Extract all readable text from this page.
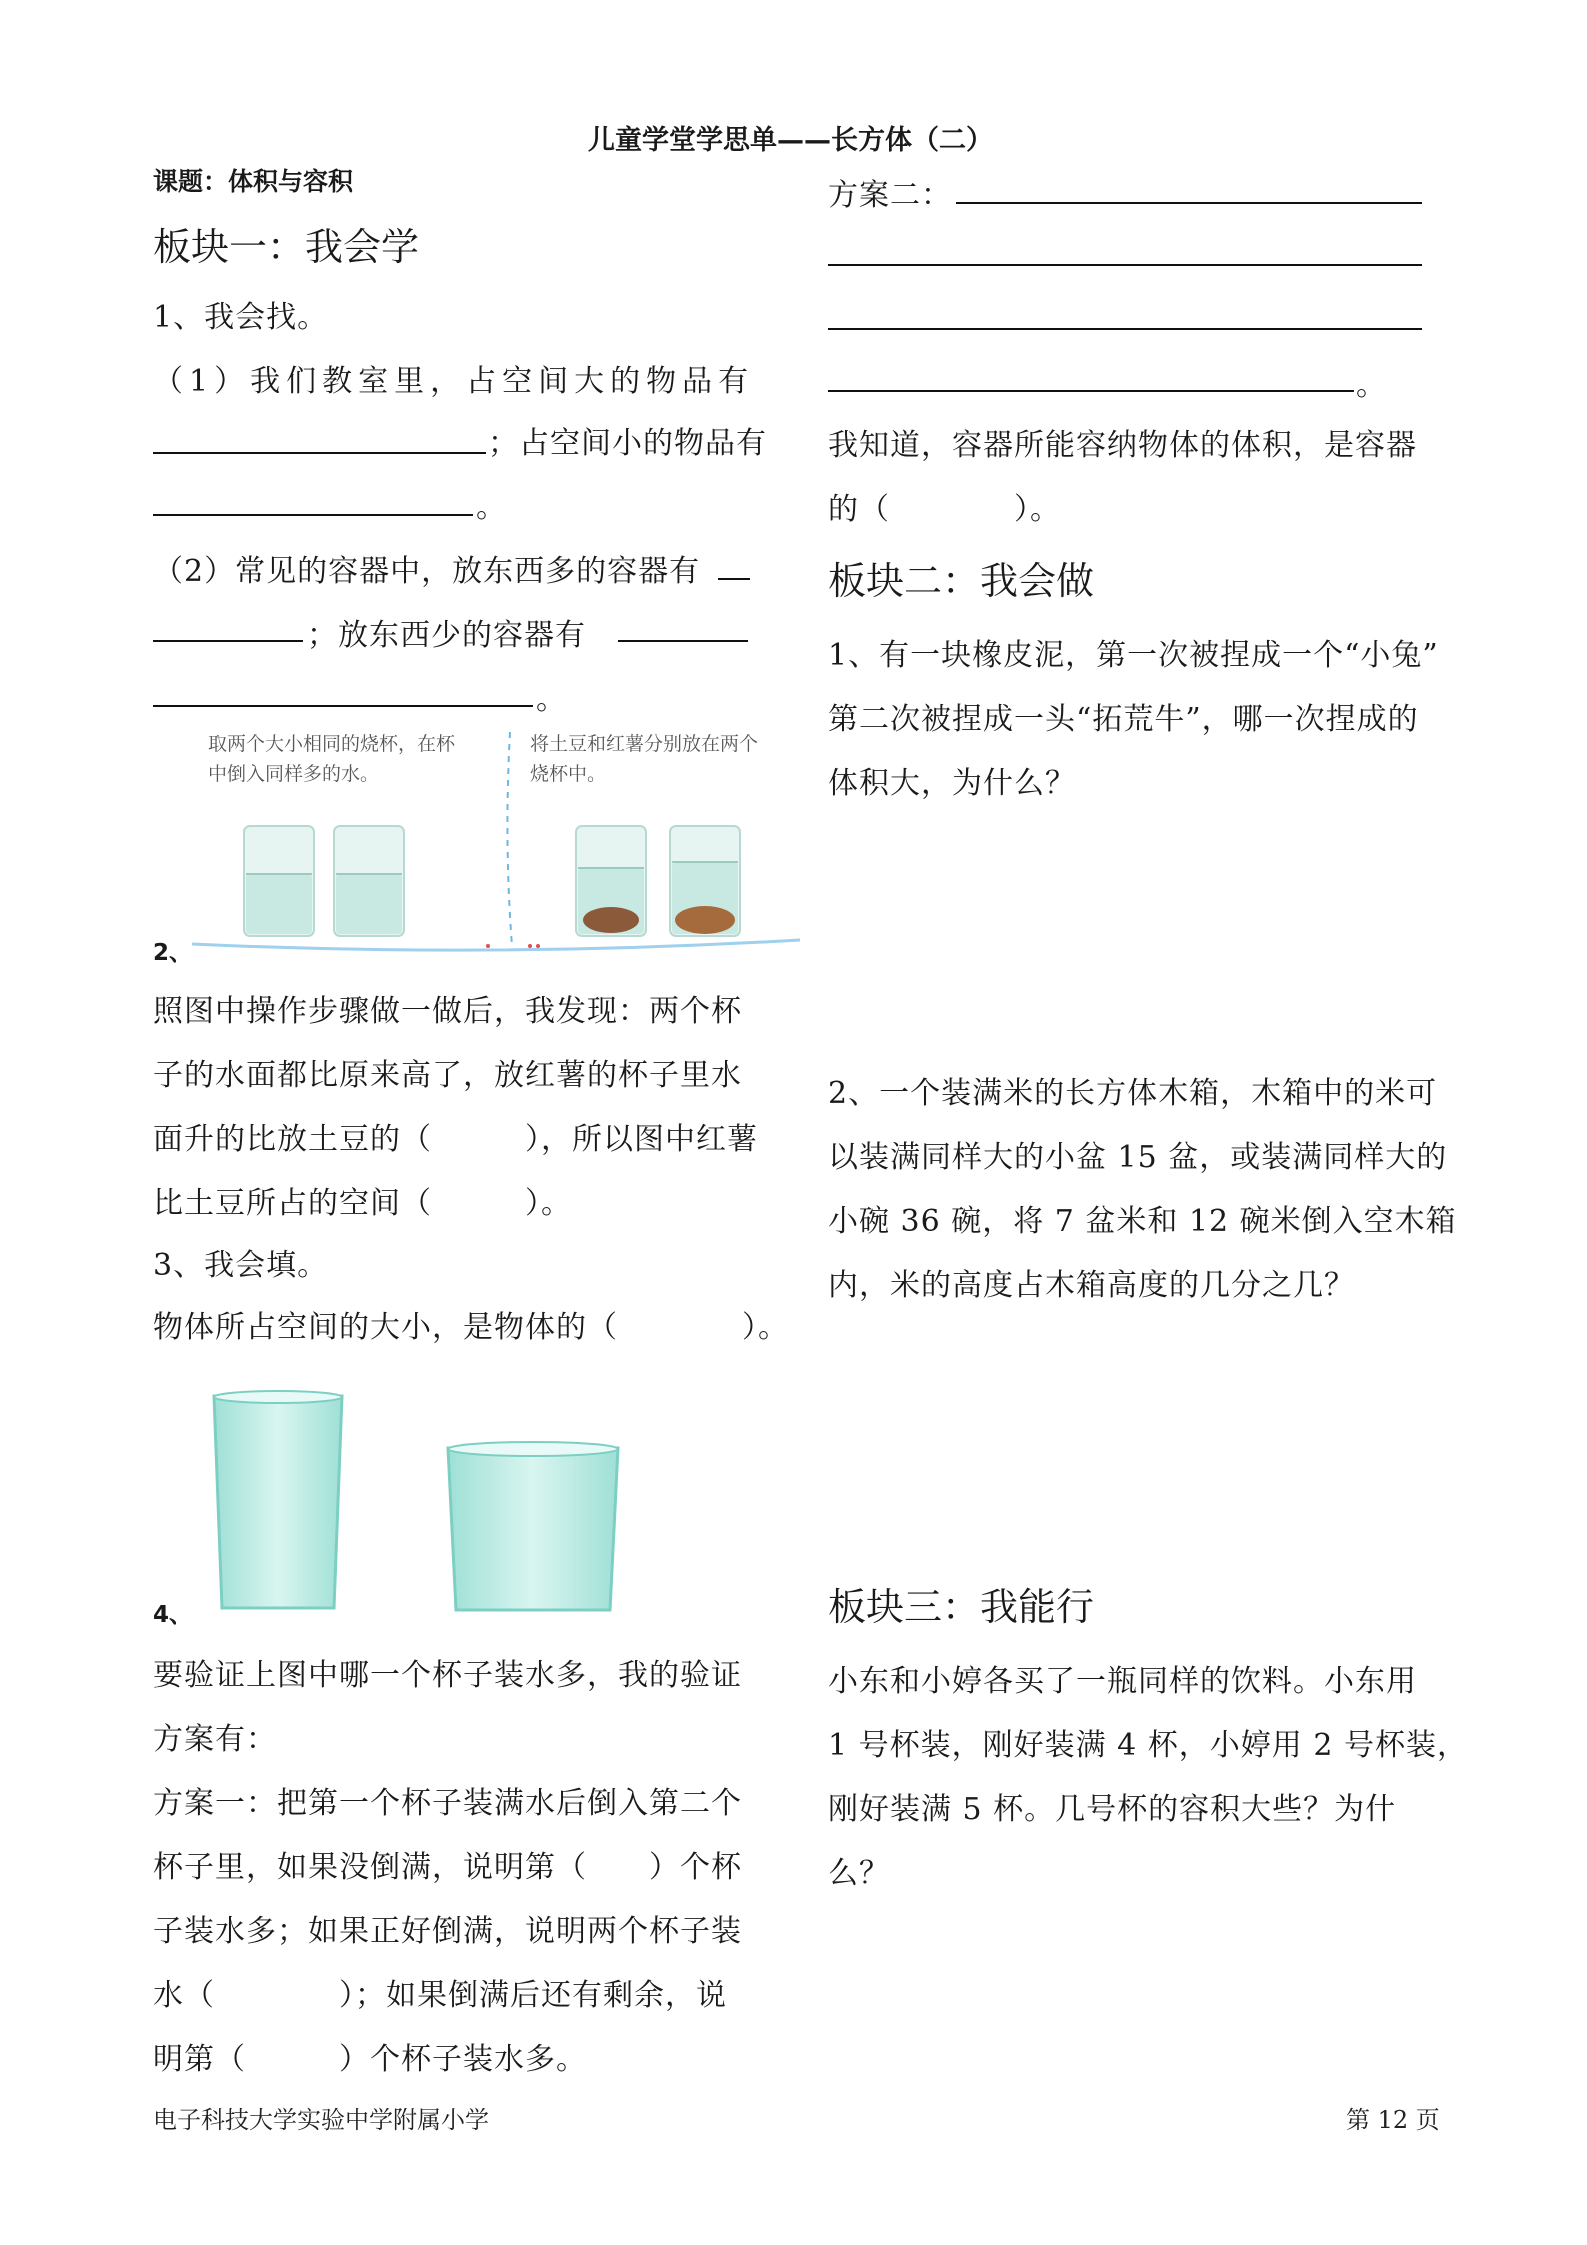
儿童学堂学思单——长方体（二）
课题：体积与容积
板块一：我会学
1、我会找。
（1）我们教室里，占空间大的物品有
；占空间小的物品有
。
（2）常见的容器中，放东西多的容器有
；放东西少的容器有
。
取两个大小相同的烧杯，在杯
中倒入同样多的水。
将土豆和红薯分别放在两个
烧杯中。
2、
照图中操作步骤做一做后，我发现：两个杯
子的水面都比原来高了，放红薯的杯子里水
面升的比放土豆的（　　　），所以图中红薯
比土豆所占的空间（　　　）。
3、我会填。
物体所占空间的大小，是物体的（　　　　）。
4、
要验证上图中哪一个杯子装水多，我的验证
方案有：
方案一：把第一个杯子装满水后倒入第二个
杯子里，如果没倒满，说明第（　　）个杯
子装水多；如果正好倒满，说明两个杯子装
水（　　　　）；如果倒满后还有剩余，说
明第（　　　）个杯子装水多。
方案二：
。
我知道，容器所能容纳物体的体积，是容器
的（　　　　）。
板块二：我会做
1、有一块橡皮泥，第一次被捏成一个“小兔”
第二次被捏成一头“拓荒牛”，哪一次捏成的
体积大，为什么？
2、一个装满米的长方体木箱，木箱中的米可
以装满同样大的小盆 15 盆，或装满同样大的
小碗 36 碗，将 7 盆米和 12 碗米倒入空木箱
内，米的高度占木箱高度的几分之几？
板块三：我能行
小东和小婷各买了一瓶同样的饮料。小东用
1 号杯装，刚好装满 4 杯，小婷用 2 号杯装，
刚好装满 5 杯。几号杯的容积大些？为什
么？
电子科技大学实验中学附属小学	第 12 页
